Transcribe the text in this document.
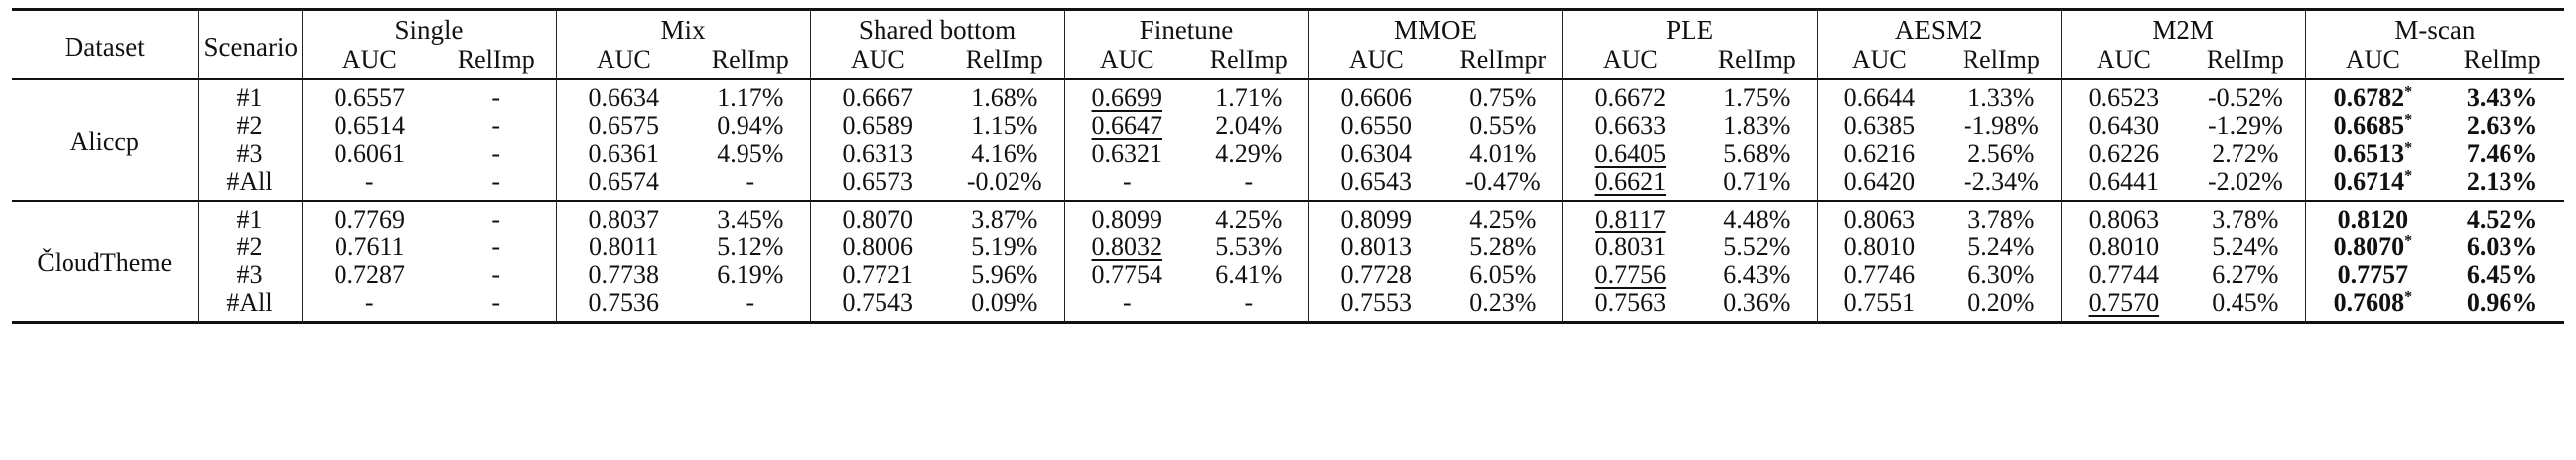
Dataset	Scenario	Single		Mix		Shared bottom		Finetune		MMOE		PLE		AESM2		M2M		M-scan	
		AUC	RelImp	AUC	RelImp	AUC	RelImp	AUC	RelImp	AUC	RelImpr	AUC	RelImp	AUC	RelImp	AUC	RelImp	AUC	RelImp
Aliccp	#1	0.6557	-	0.6634	1.17%	0.6667	1.68%	0.6699	1.71%	0.6606	0.75%	0.6672	1.75%	0.6644	1.33%	0.6523	-0.52%	0.6782*	3.43%
	#2	0.6514	-	0.6575	0.94%	0.6589	1.15%	0.6647	2.04%	0.6550	0.55%	0.6633	1.83%	0.6385	-1.98%	0.6430	-1.29%	0.6685*	2.63%
	#3	0.6061	-	0.6361	4.95%	0.6313	4.16%	0.6321	4.29%	0.6304	4.01%	0.6405	5.68%	0.6216	2.56%	0.6226	2.72%	0.6513*	7.46%
	#All	-	-	0.6574	-	0.6573	-0.02%	-	-	0.6543	-0.47%	0.6621	0.71%	0.6420	-2.34%	0.6441	-2.02%	0.6714*	2.13%
ČloudTheme	#1	0.7769	-	0.8037	3.45%	0.8070	3.87%	0.8099	4.25%	0.8099	4.25%	0.8117	4.48%	0.8063	3.78%	0.8063	3.78%	0.8120	4.52%
	#2	0.7611	-	0.8011	5.12%	0.8006	5.19%	0.8032	5.53%	0.8013	5.28%	0.8031	5.52%	0.8010	5.24%	0.8010	5.24%	0.8070*	6.03%
	#3	0.7287	-	0.7738	6.19%	0.7721	5.96%	0.7754	6.41%	0.7728	6.05%	0.7756	6.43%	0.7746	6.30%	0.7744	6.27%	0.7757	6.45%
	#All	-	-	0.7536	-	0.7543	0.09%	-	-	0.7553	0.23%	0.7563	0.36%	0.7551	0.20%	0.7570	0.45%	0.7608*	0.96%
